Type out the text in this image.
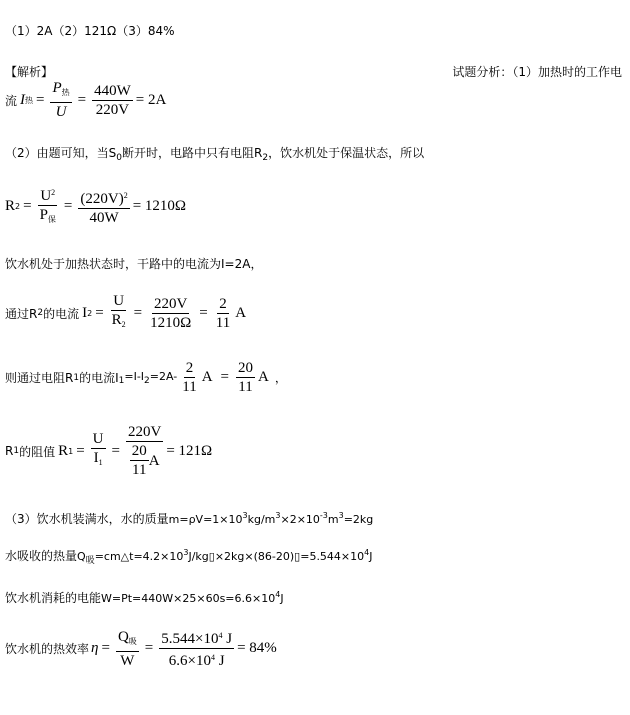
（1）2A（2）121Ω（3）84%
【解析】	试题分析：（1）加热时的工作电
流 I 热 = $\frac{P_热}{U} = \frac{440W}{220V} = 2A$
（2）由题可知，当$S_0$断开时，电路中只有电阻$R_2$，饮水机处于保温状态，所以
R $2 = \frac{U^2}{P_保} = \frac{(220V)^2}{40W} = 1210\Omega$
饮水机处于加热状态时，干路中的电流为I=2A，
通过R 2 的电流 I $2 = \frac{U}{R_2} = \frac{220V}{1210\Omega} = \frac{2}{11}$ A
则通过电阻R 1 的电流I $_1=I-I_2=2A- \frac{2}{11}$ $A = \frac{20}{11}$ A ，
R 1 的阻值 R $1 = \frac{U}{I_1} = \frac{220V}{\frac{20}{11} A} = 121\Omega$
（3）饮水机装满水，水的质量$m=\rho V=1\times 10^3kg/m^3\times 2\times 10^{-3}m^3=2kg$
水吸收的热量$Q_吸=cm\triangle t=4.2\times 10^3J/kg▯\times 2kg\times(86-20)▯=5.544\times 10^4J$
饮水机消耗的电能$W=Pt=440W\times 25\times 60s=6.6\times 10^4J$
饮水机的热效率 $\eta = \frac{Q_吸}{W} = \frac{5.544\times 10^4 J}{6.6\times 10^4 J} = 84\%$
